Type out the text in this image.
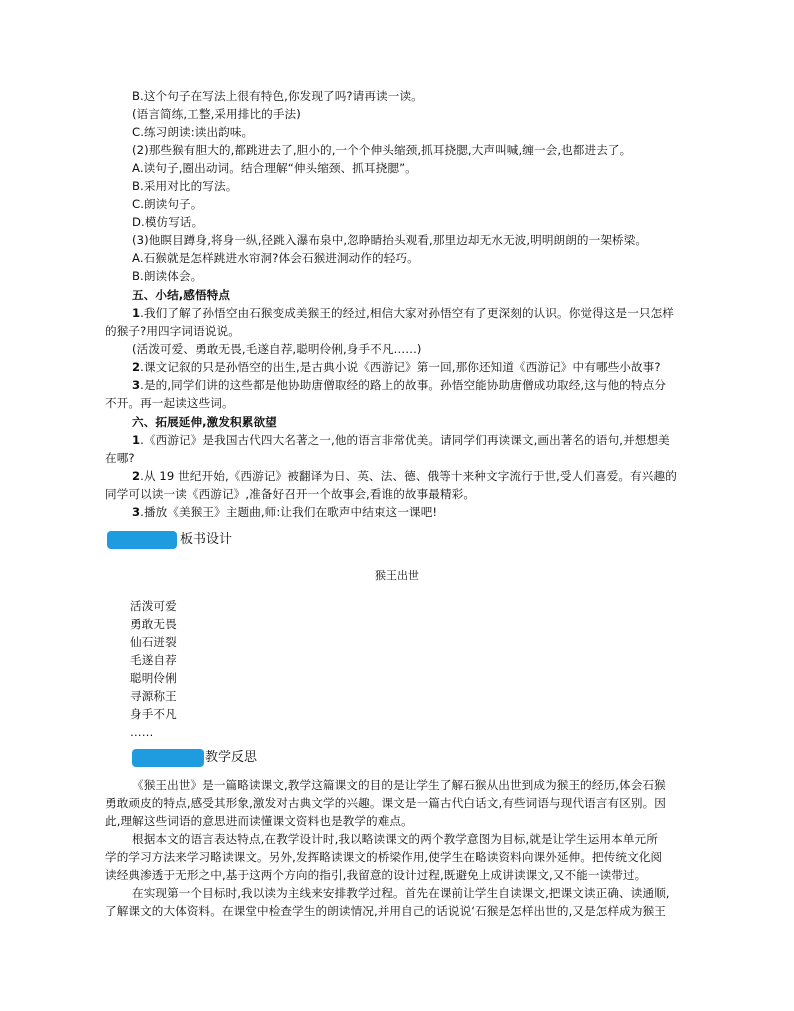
B.这个句子在写法上很有特色,你发现了吗?请再读一读。
(语言简练,工整,采用排比的手法)
C.练习朗读:读出韵味。
(2)那些猴有胆大的,都跳进去了,胆小的,一个个伸头缩颈,抓耳挠腮,大声叫喊,缠一会,也都进去了。
A.读句子,圈出动词。结合理解“伸头缩颈、抓耳挠腮”。
B.采用对比的写法。
C.朗读句子。
D.模仿写话。
(3)他瞑目蹲身,将身一纵,径跳入瀑布泉中,忽睁睛抬头观看,那里边却无水无波,明明朗朗的一架桥梁。
A.石猴就是怎样跳进水帘洞?体会石猴进洞动作的轻巧。
B.朗读体会。
五、小结,感悟特点
1.我们了解了孙悟空由石猴变成美猴王的经过,相信大家对孙悟空有了更深刻的认识。你觉得这是一只怎样
的猴子?用四字词语说说。
(活泼可爱、勇敢无畏,毛遂自荐,聪明伶俐,身手不凡……)
2.课文记叙的只是孙悟空的出生,是古典小说《西游记》第一回,那你还知道《西游记》中有哪些小故事?
3.是的,同学们讲的这些都是他协助唐僧取经的路上的故事。孙悟空能协助唐僧成功取经,这与他的特点分
不开。再一起读这些词。
六、拓展延伸,激发积累欲望
1.《西游记》是我国古代四大名著之一,他的语言非常优美。请同学们再读课文,画出著名的语句,并想想美
在哪?
2.从 19 世纪开始,《西游记》被翻译为日、英、法、德、俄等十来种文字流行于世,受人们喜爱。有兴趣的
同学可以读一读《西游记》,准备好召开一个故事会,看谁的故事最精彩。
3.播放《美猴王》主题曲,师:让我们在歌声中结束这一课吧!
板书设计
猴王出世
活泼可爱
勇敢无畏
仙石迸裂
毛遂自荐
聪明伶俐
寻源称王
身手不凡
……
教学反思
《猴王出世》是一篇略读课文,教学这篇课文的目的是让学生了解石猴从出世到成为猴王的经历,体会石猴
勇敢顽皮的特点,感受其形象,激发对古典文学的兴趣。课文是一篇古代白话文,有些词语与现代语言有区别。因
此,理解这些词语的意思进而读懂课文资料也是教学的难点。
根据本文的语言表达特点,在教学设计时,我以略读课文的两个教学意图为目标,就是让学生运用本单元所
学的学习方法来学习略读课文。另外,发挥略读课文的桥梁作用,使学生在略读资料向课外延伸。把传统文化阅
读经典渗透于无形之中,基于这两个方向的指引,我留意的设计过程,既避免上成讲读课文,又不能一读带过。
在实现第一个目标时,我以读为主线来安排教学过程。首先在课前让学生自读课文,把课文读正确、读通顺,
了解课文的大体资料。在课堂中检查学生的朗读情况,并用自己的话说说‘石猴是怎样出世的,又是怎样成为猴王
